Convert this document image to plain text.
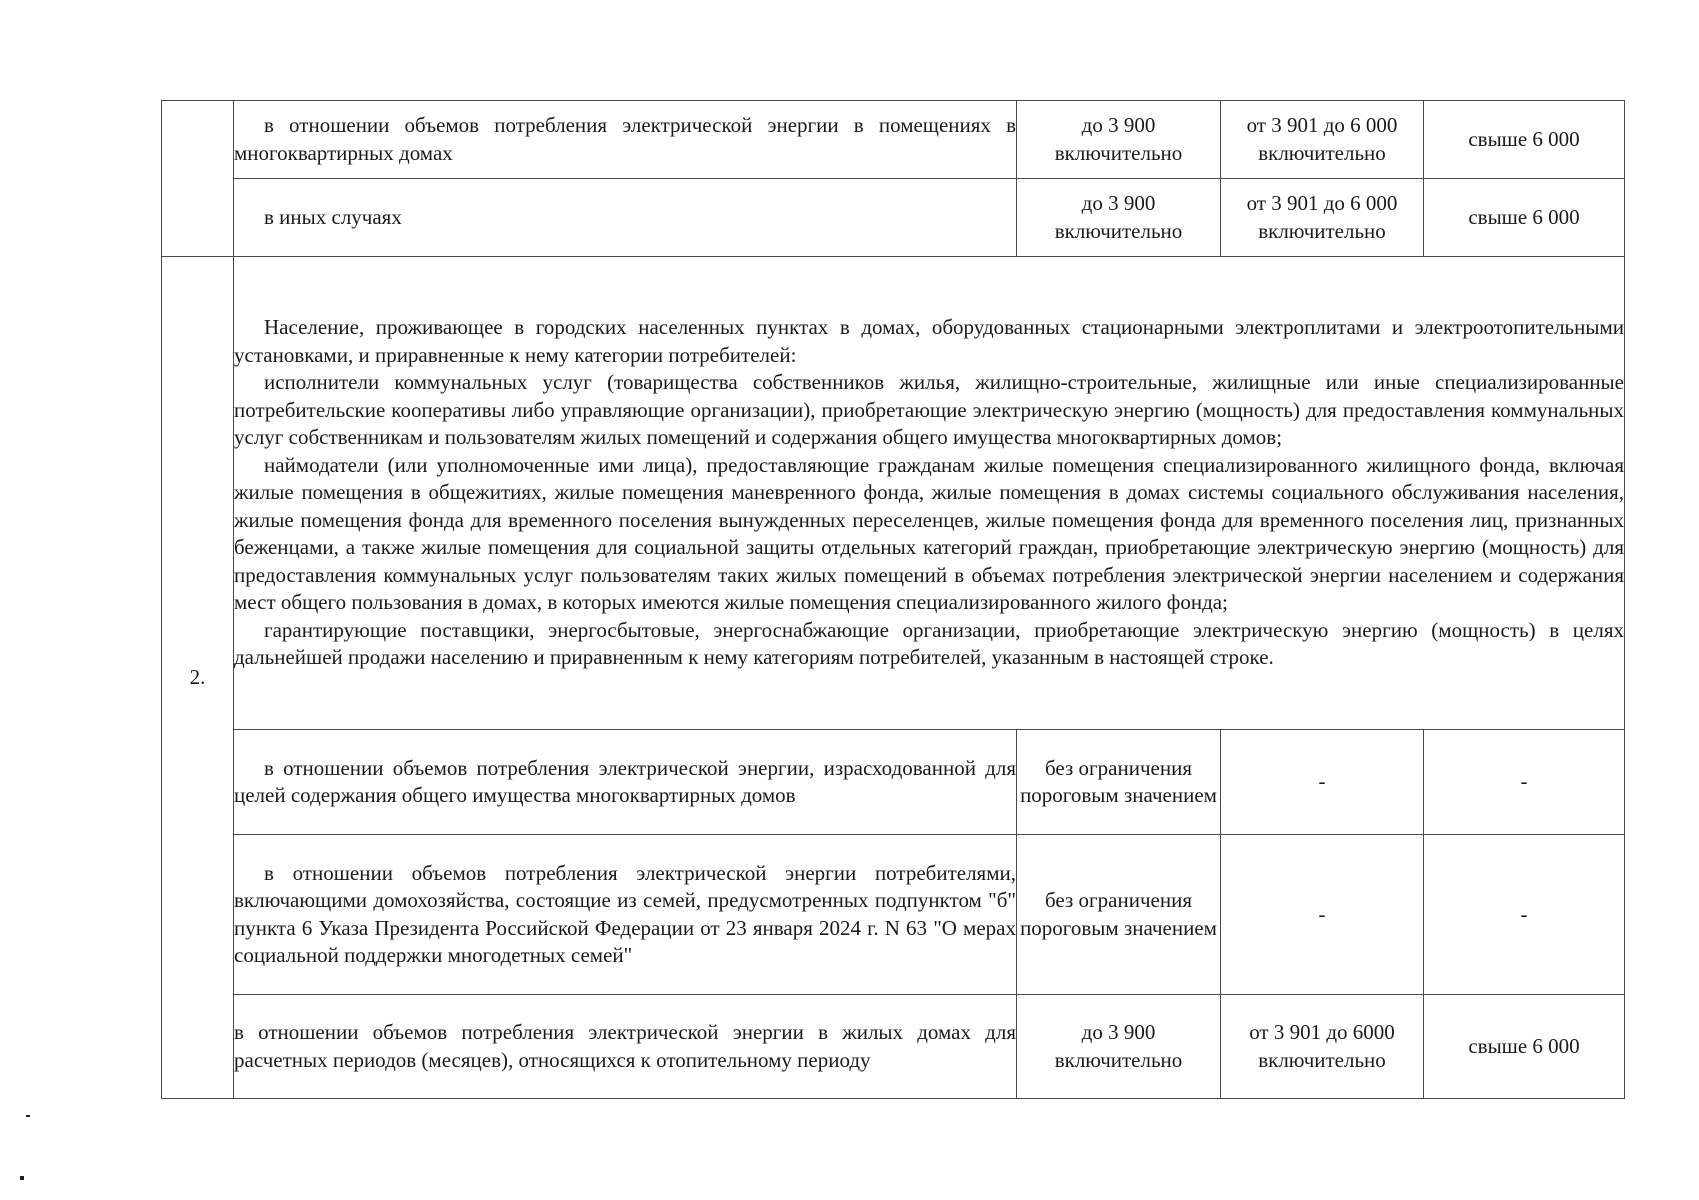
	в отношении объемов потребления электрической энергии в помещениях в многоквартирных домах	до 3 900 включительно	от 3 901 до 6 000 включительно	свыше 6 000
	в иных случаях	до 3 900 включительно	от 3 901 до 6 000 включительно	свыше 6 000
2.	Население, проживающее в городских населенных пунктах в домах, оборудованных стационарными электроплитами и электроотопительными установками, и приравненные к нему категории потребителей:
исполнители коммунальных услуг (товарищества собственников жилья, жилищно-строительные, жилищные или иные специализированные потребительские кооперативы либо управляющие организации), приобретающие электрическую энергию (мощность) для предоставления коммунальных услуг собственникам и пользователям жилых помещений и содержания общего имущества многоквартирных домов;
наймодатели (или уполномоченные ими лица), предоставляющие гражданам жилые помещения специализированного жилищного фонда, включая жилые помещения в общежитиях, жилые помещения маневренного фонда, жилые помещения в домах системы социального обслуживания населения, жилые помещения фонда для временного поселения вынужденных переселенцев, жилые помещения фонда для временного поселения лиц, признанных беженцами, а также жилые помещения для социальной защиты отдельных категорий граждан, приобретающие электрическую энергию (мощность) для предоставления коммунальных услуг пользователям таких жилых помещений в объемах потребления электрической энергии населением и содержания мест общего пользования в домах, в которых имеются жилые помещения специализированного жилого фонда;
гарантирующие поставщики, энергосбытовые, энергоснабжающие организации, приобретающие электрическую энергию (мощность) в целях дальнейшей продажи населению и приравненным к нему категориям потребителей, указанным в настоящей строке.			

	в отношении объемов потребления электрической энергии, израсходованной для целей содержания общего имущества многоквартирных домов	без ограничения пороговым значением	-	-
	в отношении объемов потребления электрической энергии потребителями, включающими домохозяйства, состоящие из семей, предусмотренных подпунктом "б" пункта 6 Указа Президента Российской Федерации от 23 января 2024 г. N 63 "О мерах социальной поддержки многодетных семей"	без ограничения пороговым значением	-	-
	в отношении объемов потребления электрической энергии в жилых домах для расчетных периодов (месяцев), относящихся к отопительному периоду	до 3 900 включительно	от 3 901 до 6000 включительно	свыше 6 000
